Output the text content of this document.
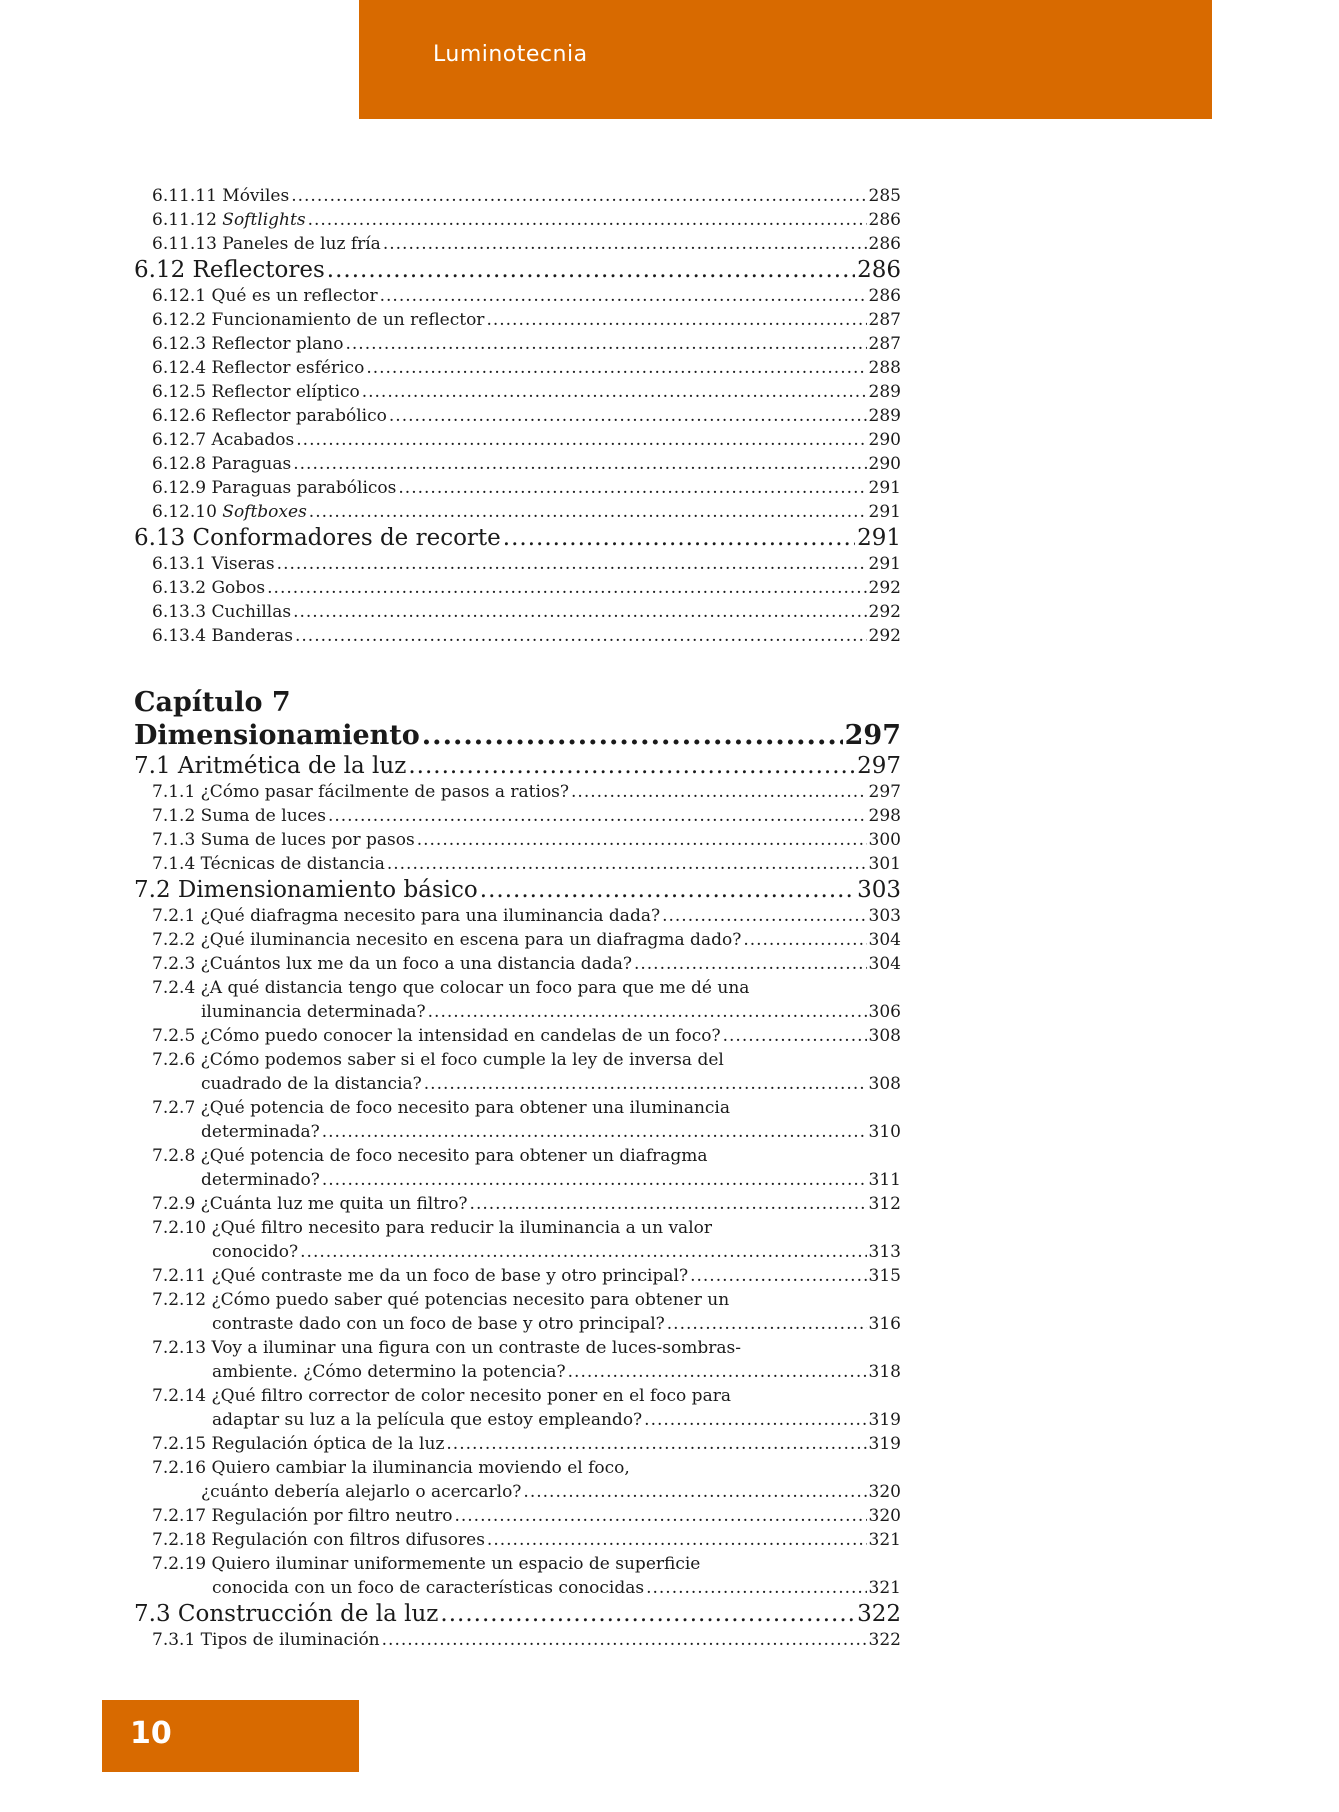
Luminotecnia
6.11.11 Móviles .....	285
6.11.12 Softlights .....	286
6.11.13 Paneles de luz fría .....	286
6.12 Reflectores .....	286
6.12.1 Qué es un reflector .....	286
6.12.2 Funcionamiento de un reflector .....	287
6.12.3 Reflector plano .....	287
6.12.4 Reflector esférico .....	288
6.12.5 Reflector elíptico .....	289
6.12.6 Reflector parabólico .....	289
6.12.7 Acabados .....	290
6.12.8 Paraguas .....	290
6.12.9 Paraguas parabólicos .....	291
6.12.10 Softboxes .....	291
6.13 Conformadores de recorte .....	291
6.13.1 Viseras .....	291
6.13.2 Gobos .....	292
6.13.3 Cuchillas .....	292
6.13.4 Banderas .....	292
Capítulo 7
Dimensionamiento .....	297
7.1 Aritmética de la luz .....	297
7.1.1 ¿Cómo pasar fácilmente de pasos a ratios? .....	297
7.1.2 Suma de luces .....	298
7.1.3 Suma de luces por pasos .....	300
7.1.4 Técnicas de distancia .....	301
7.2 Dimensionamiento básico .....	303
7.2.1 ¿Qué diafragma necesito para una iluminancia dada? .....	303
7.2.2 ¿Qué iluminancia necesito en escena para un diafragma dado? .....	304
7.2.3 ¿Cuántos lux me da un foco a una distancia dada? .....	304
7.2.4 ¿A qué distancia tengo que colocar un foco para que me dé una
iluminancia determinada? .....	306
7.2.5 ¿Cómo puedo conocer la intensidad en candelas de un foco? .....	308
7.2.6 ¿Cómo podemos saber si el foco cumple la ley de inversa del
cuadrado de la distancia? .....	308
7.2.7 ¿Qué potencia de foco necesito para obtener una iluminancia
determinada? .....	310
7.2.8 ¿Qué potencia de foco necesito para obtener un diafragma
determinado? .....	311
7.2.9 ¿Cuánta luz me quita un filtro? .....	312
7.2.10 ¿Qué filtro necesito para reducir la iluminancia a un valor
conocido? .....	313
7.2.11 ¿Qué contraste me da un foco de base y otro principal? .....	315
7.2.12 ¿Cómo puedo saber qué potencias necesito para obtener un
contraste dado con un foco de base y otro principal? .....	316
7.2.13 Voy a iluminar una figura con un contraste de luces-sombras-
ambiente. ¿Cómo determino la potencia? .....	318
7.2.14 ¿Qué filtro corrector de color necesito poner en el foco para
adaptar su luz a la película que estoy empleando? .....	319
7.2.15 Regulación óptica de la luz .....	319
7.2.16 Quiero cambiar la iluminancia moviendo el foco,
¿cuánto debería alejarlo o acercarlo? .....	320
7.2.17 Regulación por filtro neutro .....	320
7.2.18 Regulación con filtros difusores .....	321
7.2.19 Quiero iluminar uniformemente un espacio de superficie
conocida con un foco de características conocidas .....	321
7.3 Construcción de la luz .....	322
7.3.1 Tipos de iluminación .....	322
10
